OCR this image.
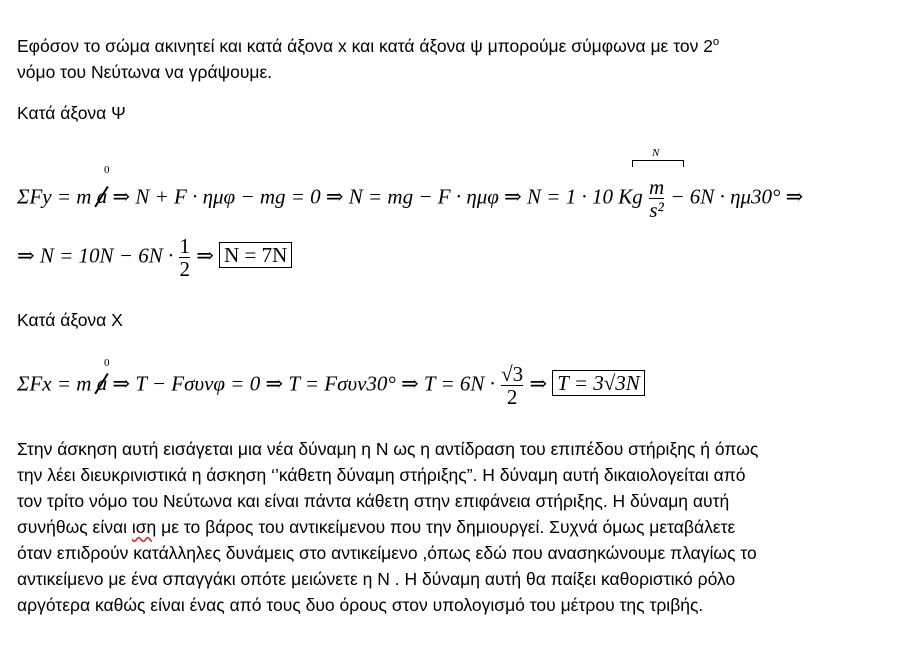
Εφόσον το σώμα ακινητεί και κατά άξονα x και κατά άξονα ψ μπορούμε σύμφωνα με τον $2^o$
νόμο του Νεύτωνα να γράψουμε.

Κατά άξονα Ψ

ΣFy = m a ⇒ N + F · ημφ − mg = 0 ⇒ N = mg − F · ημφ ⇒ N = 1 · 10 Kg $\frac{m}{\text{s²}} - 6N \cdot \eta\mu 30^\circ$ ⇒
0
N
⇒ $N = 10N - 6N \cdot \frac{1}{2}$ ⇒ N = 7N

Κατά άξονα Χ

ΣFx = m a ⇒ T − Fσυνφ = 0 ⇒ T = Fσυν30° ⇒ $T = 6N \cdot \frac{√3}{2}$ ⇒ T = 3√3N
0
Στην άσκηση αυτή εισάγεται μια νέα δύναμη η Ν ως η αντίδραση του επιπέδου στήριξης ή όπως
την λέει διευκρινιστικά η άσκηση ‘’κάθετη δύναμη στήριξης”. Η δύναμη αυτή δικαιολογείται από
τον τρίτο νόμο του Νεύτωνα και είναι πάντα κάθετη στην επιφάνεια στήριξης. Η δύναμη αυτή
συνήθως είναι ιση με το βάρος του αντικείμενου που την δημιουργεί. Συχνά όμως μεταβάλετε
όταν επιδρούν κατάλληλες δυνάμεις στο αντικείμενο ,όπως εδώ που ανασηκώνουμε πλαγίως το
αντικείμενο με ένα σπαγγάκι οπότε μειώνετε η Ν . Η δύναμη αυτή θα παίξει καθοριστικό ρόλο
αργότερα καθώς είναι ένας από τους δυο όρους στον υπολογισμό του μέτρου της τριβής.
